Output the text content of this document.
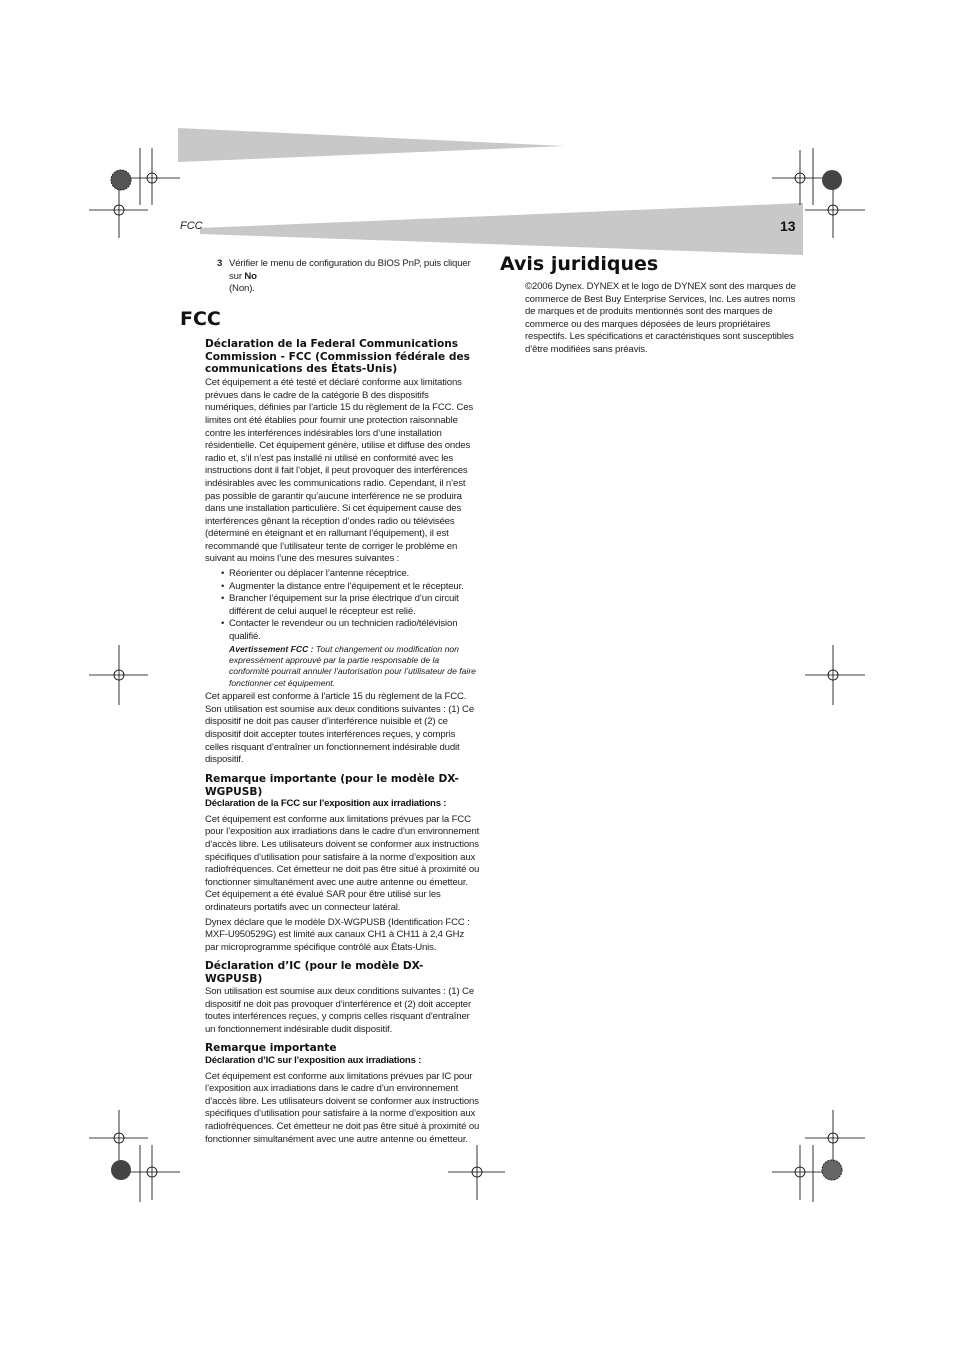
FCC	13
3 Vérifier le menu de configuration du BIOS PnP, puis cliquer sur No
(Non).
FCC
Déclaration de la Federal Communications Commission - FCC (Commission fédérale des communications des États-Unis)

Cet équipement a été testé et déclaré conforme aux limitations prévues dans le cadre de la catégorie B des dispositifs numériques, définies par l’article 15 du règlement de la FCC. Ces limites ont été établies pour fournir une protection raisonnable contre les interférences indésirables lors d’une installation résidentielle. Cet équipement génère, utilise et diffuse des ondes radio et, s’il n’est pas installé ni utilisé en conformité avec les instructions dont il fait l’objet, il peut provoquer des interférences indésirables avec les communications radio. Cependant, il n’est pas possible de garantir qu’aucune interférence ne se produira dans une installation particulière. Si cet équipement cause des interférences gênant la réception d’ondes radio ou télévisées (déterminé en éteignant et en rallumant l’équipement), il est recommandé que l’utilisateur tente de corriger le problème en suivant au moins l’une des mesures suivantes :

• Réorienter ou déplacer l’antenne réceptrice.
• Augmenter la distance entre l’équipement et le récepteur.
• Brancher l’équipement sur la prise électrique d’un circuit différent de celui auquel le récepteur est relié.
• Contacter le revendeur ou un technicien radio/télévision qualifié.
Avertissement FCC : Tout changement ou modification non expressément approuvé par la partie responsable de la conformité pourrait annuler l’autorisation pour l’utilisateur de faire fonctionner cet équipement.

Cet appareil est conforme à l’article 15 du règlement de la FCC. Son utilisation est soumise aux deux conditions suivantes : (1) Ce dispositif ne doit pas causer d’interférence nuisible et (2) ce dispositif doit accepter toutes interférences reçues, y compris celles risquant d’entraîner un fonctionnement indésirable dudit dispositif.

Remarque importante (pour le modèle DX-WGPUSB)
Déclaration de la FCC sur l’exposition aux irradiations :

Cet équipement est conforme aux limitations prévues par la FCC pour l’exposition aux irradiations dans le cadre d’un environnement d’accès libre. Les utilisateurs doivent se conformer aux instructions spécifiques d’utilisation pour satisfaire à la norme d’exposition aux radiofréquences. Cet émetteur ne doit pas être situé à proximité ou fonctionner simultanément avec une autre antenne ou émetteur. Cet équipement a été évalué SAR pour être utilisé sur les ordinateurs portatifs avec un connecteur latéral.

Dynex déclare que le modèle DX-WGPUSB (Identification FCC : MXF-U950529G) est limité aux canaux CH1 à CH11 à 2,4 GHz par microprogramme spécifique contrôlé aux États-Unis.

Déclaration d’IC (pour le modèle DX-WGPUSB)

Son utilisation est soumise aux deux conditions suivantes : (1) Ce dispositif ne doit pas provoquer d’interférence et (2) doit accepter toutes interférences reçues, y compris celles risquant d’entraîner un fonctionnement indésirable dudit dispositif.

Remarque importante
Déclaration d’IC sur l’exposition aux irradiations :

Cet équipement est conforme aux limitations prévues par IC pour l’exposition aux irradiations dans le cadre d’un environnement d’accès libre. Les utilisateurs doivent se conformer aux instructions spécifiques d’utilisation pour satisfaire à la norme d’exposition aux radiofréquences. Cet émetteur ne doit pas être situé à proximité ou fonctionner simultanément avec une autre antenne ou émetteur.

Avis juridiques

©2006 Dynex. DYNEX et le logo de DYNEX sont des marques de commerce de Best Buy Enterprise Services, Inc. Les autres noms de marques et de produits mentionnés sont des marques de commerce ou des marques déposées de leurs propriétaires respectifs. Les spécifications et caractéristiques sont susceptibles d’être modifiées sans préavis.
